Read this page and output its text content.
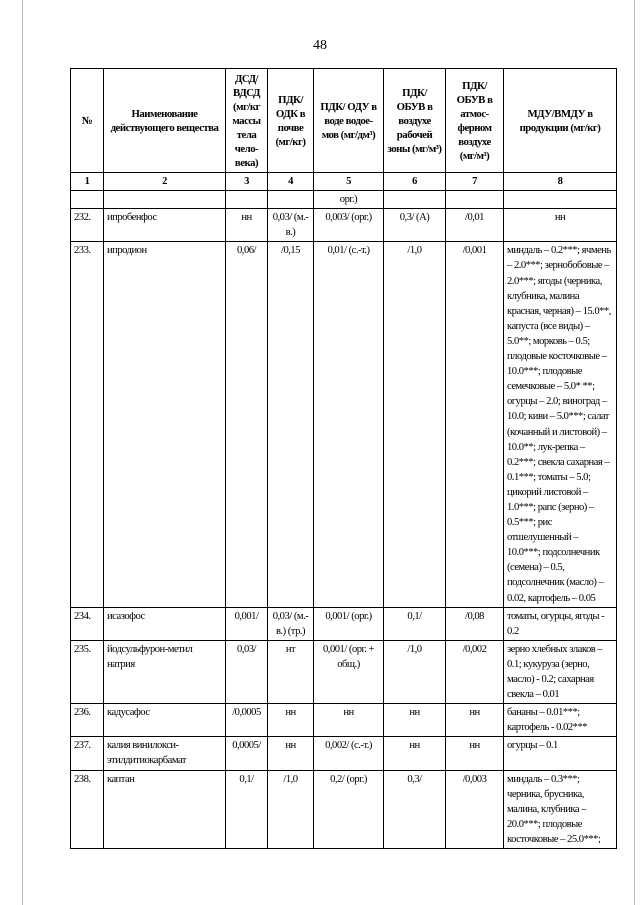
48
№	Наименование действующего вещества	ДСД/ ВДСД (мг/кг массы тела чело- века)	ПДК/ ОДК в почве (мг/кг)	ПДК/ ОДУ в воде водое- мов (мг/дм³)	ПДК/ ОБУВ в воздухе рабочей зоны (мг/м³)	ПДК/ ОБУВ в атмос- ферном воздухе (мг/м³)	МДУ/ВМДУ в продукции (мг/кг)
1	2	3	4	5	6	7	8
				орг.)			
232.	ипробенфос	нн	0,03/ (м.-в.)	0,003/ (орг.)	0,3/ (А)	/0,01	нн
233.	ипродион	0,06/	/0,15	0,01/ (с.-т.)	/1,0	/0,001	миндаль – 0.2***; ячмень – 2.0***; зернобобовые – 2.0***; ягоды (черника, клубника, малина красная, черная) – 15.0**, капуста (все виды) – 5.0**; морковь – 0.5; плодовые косточковые – 10.0***; плодовые семечковые – 5.0* **; огурцы – 2.0; виноград – 10.0; киви – 5.0***; салат (кочанный и листовой) – 10.0**; лук-репка – 0.2***; свекла сахарная – 0.1***; томаты – 5.0; цикорий листовой – 1.0***; рапс (зерно) – 0.5***; рис отшелушенный – 10.0***; подсолнечник (семена) – 0.5, подсолнечник (масло) – 0.02, картофель – 0.05
234.	исазофос	0,001/	0,03/ (м.-в.) (тр.)	0,001/ (орг.)	0,1/	/0,08	томаты, огурцы, ягоды - 0.2
235.	йодсульфурон-метил натрия	0,03/	нт	0,001/ (орг. + общ.)	/1,0	/0,002	зерно хлебных злаков – 0.1; кукуруза (зерно, масло) - 0.2; сахарная свекла – 0.01
236.	кадусафос	/0,0005	нн	нн	нн	нн	бананы – 0.01***; картофель - 0.02***
237.	калия винилокси- этилдитиокарбамат	0,0005/	нн	0,002/ (с.-т.)	нн	нн	огурцы – 0.1
238.	каптан	0,1/	/1,0	0,2/ (орг.)	0,3/	/0,003	миндаль – 0.3***; черника, брусника, малина, клубника – 20.0***; плодовые косточковые – 25.0***;
